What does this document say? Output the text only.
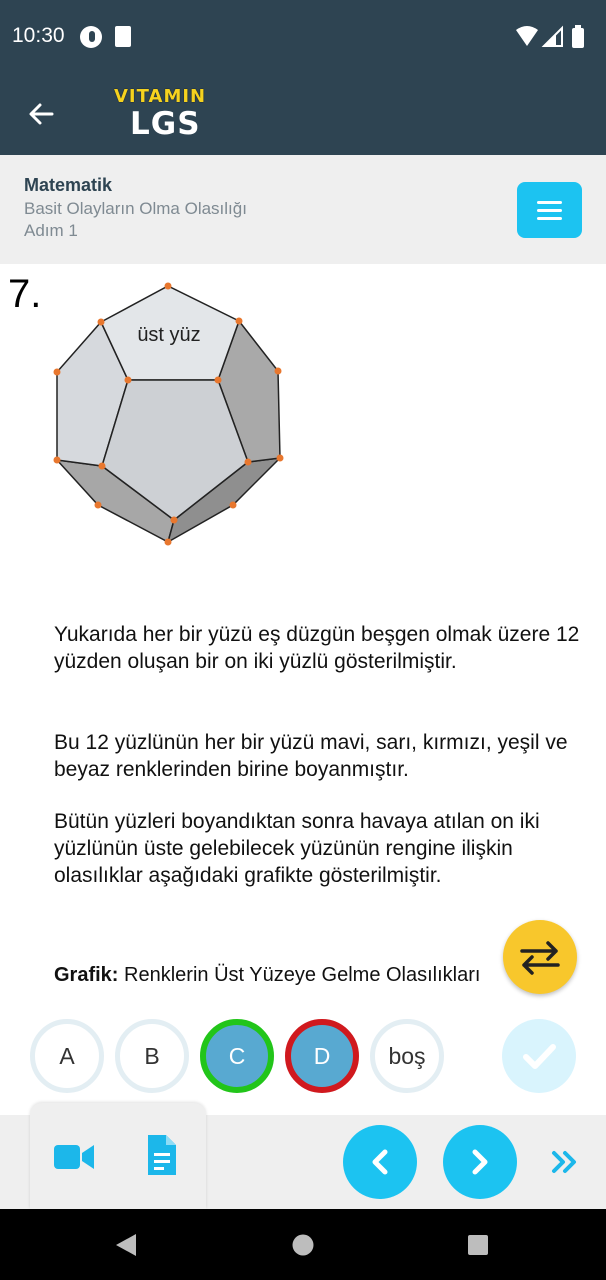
10:30
VITAMIN
LGS
Matematik
Basit Olayların Olma Olasılığı
Adım 1
7.
üst yüz
Yukarıda her bir yüzü eş düzgün beşgen olmak üzere 12 yüzden oluşan bir on iki yüzlü gösterilmiştir.
Bu 12 yüzlünün her bir yüzü mavi, sarı, kırmızı, yeşil ve beyaz renklerinden birine boyanmıştır.
Bütün yüzleri boyandıktan sonra havaya atılan on iki yüzlünün üste gelebilecek yüzünün rengine ilişkin olasılıklar aşağıdaki grafikte gösterilmiştir.
Grafik: Renklerin Üst Yüzeye Gelme Olasılıkları
A	B	C	D	boş
